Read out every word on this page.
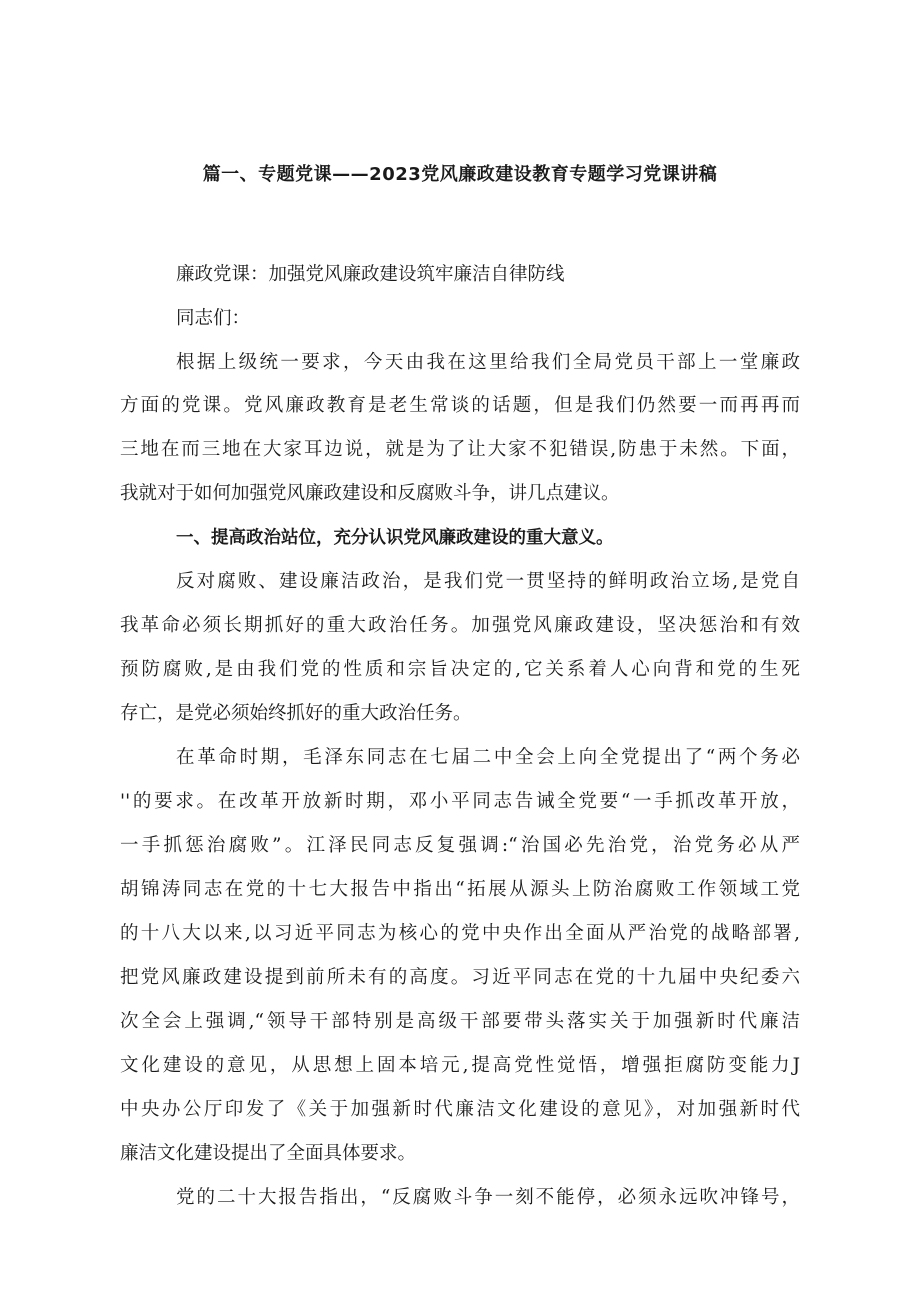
篇一、专题党课——2023党风廉政建设教育专题学习党课讲稿
廉政党课：加强党风廉政建设筑牢廉洁自律防线
同志们：
根据上级统一要求，今天由我在这里给我们全局党员干部上一堂廉政
方面的党课。党风廉政教育是老生常谈的话题，但是我们仍然要一而再再而
三地在而三地在大家耳边说，就是为了让大家不犯错误,防患于未然。下面，
我就对于如何加强党风廉政建设和反腐败斗争，讲几点建议。
一、提高政治站位，充分认识党风廉政建设的重大意义。
反对腐败、建设廉洁政治，是我们党一贯坚持的鲜明政治立场,是党自
我革命必须长期抓好的重大政治任务。加强党风廉政建设，坚决惩治和有效
预防腐败,是由我们党的性质和宗旨决定的,它关系着人心向背和党的生死
存亡，是党必须始终抓好的重大政治任务。
在革命时期，毛泽东同志在七届二中全会上向全党提出了“两个务必
''的要求。在改革开放新时期，邓小平同志告诫全党要“一手抓改革开放，
一手抓惩治腐败”。江泽民同志反复强调:“治国必先治党，治党务必从严
胡锦涛同志在党的十七大报告中指出“拓展从源头上防治腐败工作领域工党
的十八大以来,以习近平同志为核心的党中央作出全面从严治党的战略部署,
把党风廉政建设提到前所未有的高度。习近平同志在党的十九届中央纪委六
次全会上强调,“领导干部特别是高级干部要带头落实关于加强新时代廉洁
文化建设的意见，从思想上固本培元,提高党性觉悟，增强拒腐防变能力J
中央办公厅印发了《关于加强新时代廉洁文化建设的意见》，对加强新时代
廉洁文化建设提出了全面具体要求。
党的二十大报告指出，“反腐败斗争一刻不能停，必须永远吹冲锋号，
